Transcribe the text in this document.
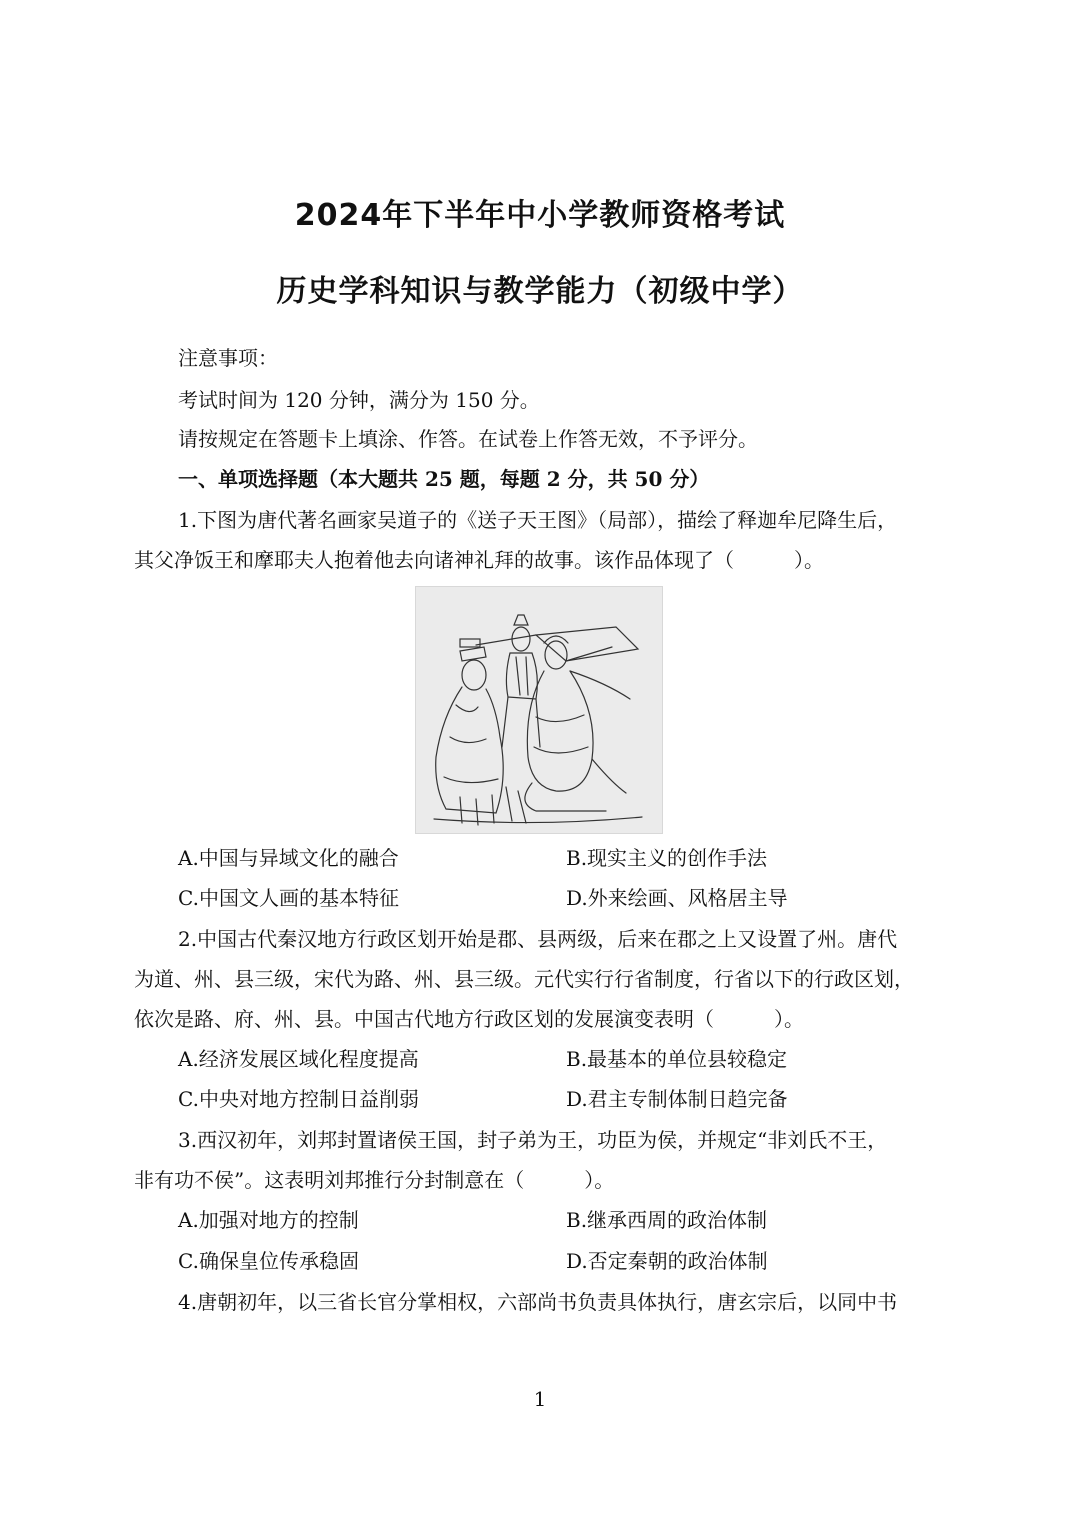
2024年下半年中小学教师资格考试
历史学科知识与教学能力（初级中学）

注意事项：

考试时间为 120 分钟，满分为 150 分。

请按规定在答题卡上填涂、作答。在试卷上作答无效，不予评分。

一、单项选择题（本大题共 25 题，每题 2 分，共 50 分）

1.下图为唐代著名画家吴道子的《送子天王图》（局部），描绘了释迦牟尼降生后，

其父净饭王和摩耶夫人抱着他去向诸神礼拜的故事。该作品体现了（　　　）。

A.中国与异域文化的融合	B.现实主义的创作手法

C.中国文人画的基本特征	D.外来绘画、风格居主导

2.中国古代秦汉地方行政区划开始是郡、县两级，后来在郡之上又设置了州。唐代

为道、州、县三级，宋代为路、州、县三级。元代实行行省制度，行省以下的行政区划，

依次是路、府、州、县。中国古代地方行政区划的发展演变表明（　　　）。

A.经济发展区域化程度提高	B.最基本的单位县较稳定

C.中央对地方控制日益削弱	D.君主专制体制日趋完备

3.西汉初年，刘邦封置诸侯王国，封子弟为王，功臣为侯，并规定“非刘氏不王，

非有功不侯”。这表明刘邦推行分封制意在（　　　）。

A.加强对地方的控制	B.继承西周的政治体制

C.确保皇位传承稳固	D.否定秦朝的政治体制

4.唐朝初年，以三省长官分掌相权，六部尚书负责具体执行，唐玄宗后，以同中书

1
